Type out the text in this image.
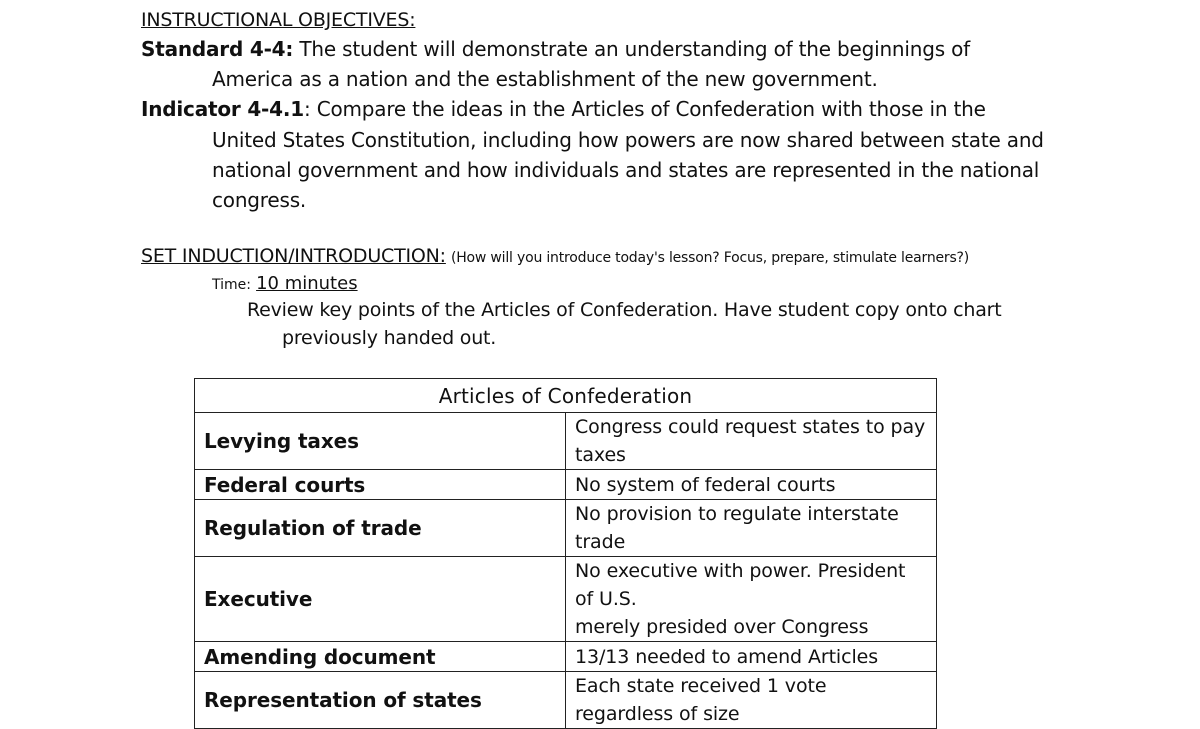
INSTRUCTIONAL OBJECTIVES:
Standard 4-4: The student will demonstrate an understanding of the beginnings of
America as a nation and the establishment of the new government.
Indicator 4-4.1: Compare the ideas in the Articles of Confederation with those in the
United States Constitution, including how powers are now shared between state and
national government and how individuals and states are represented in the national
congress.
SET INDUCTION/INTRODUCTION: (How will you introduce today's lesson? Focus, prepare, stimulate learners?)
Time: 10 minutes
Review key points of the Articles of Confederation. Have student copy onto chart
previously handed out.
Articles of Confederation	
Levying taxes	Congress could request states to pay taxes
Federal courts	No system of federal courts
Regulation of trade	No provision to regulate interstate trade
Executive	No executive with power. President of U.S.
merely presided over Congress

Amending document	13/13 needed to amend Articles
Representation of states	Each state received 1 vote regardless of size
